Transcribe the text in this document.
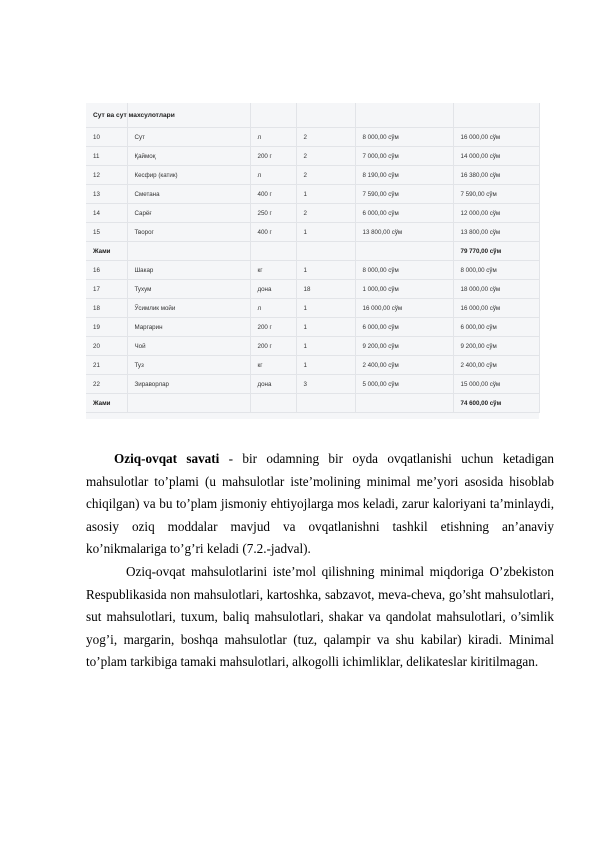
Сут ва сут махсулотлари					
10	Сут	л	2	8 000,00 сўм	16 000,00 сўм
11	Қаймоқ	200 г	2	7 000,00 сўм	14 000,00 сўм
12	Кесфир (катик)	л	2	8 190,00 сўм	16 380,00 сўм
13	Сметана	400 г	1	7 590,00 сўм	7 590,00 сўм
14	Сарёғ	250 г	2	6 000,00 сўм	12 000,00 сўм
15	Творог	400 г	1	13 800,00 сўм	13 800,00 сўм
Жами					79 770,00 сўм
16	Шакар	кг	1	8 000,00 сўм	8 000,00 сўм
17	Тухум	дона	18	1 000,00 сўм	18 000,00 сўм
18	Ўсимлик мойи	л	1	16 000,00 сўм	16 000,00 сўм
19	Маргарин	200 г	1	6 000,00 сўм	6 000,00 сўм
20	Чой	200 г	1	9 200,00 сўм	9 200,00 сўм
21	Туз	кг	1	2 400,00 сўм	2 400,00 сўм
22	Зираворлар	дона	3	5 000,00 сўм	15 000,00 сўм
Жами					74 600,00 сўм

Oziq-ovqat savati - bir odamning bir oyda ovqatlanishi uchun ketadigan mahsulotlar to’plami (u mahsulotlar iste’molining minimal me’yori asosida hisoblab chiqilgan) va bu to’plam jismoniy ehtiyojlarga mos keladi, zarur kaloriyani ta’minlaydi, asosiy oziq moddalar mavjud va ovqatlanishni tashkil etishning an’anaviy ko’nikmalariga to’g’ri keladi (7.2.-jadval).

Oziq-ovqat mahsulotlarini iste’mol qilishning minimal miqdoriga O’zbekiston Respublikasida non mahsulotlari, kartoshka, sabzavot, meva-cheva, go’sht mahsulotlari, sut mahsulotlari, tuxum, baliq mahsulotlari, shakar va qandolat mahsulotlari, o’simlik yog’i, margarin, boshqa mahsulotlar (tuz, qalampir va shu kabilar) kiradi. Minimal to’plam tarkibiga tamaki mahsulotlari, alkogolli ichimliklar, delikateslar kiritilmagan.
